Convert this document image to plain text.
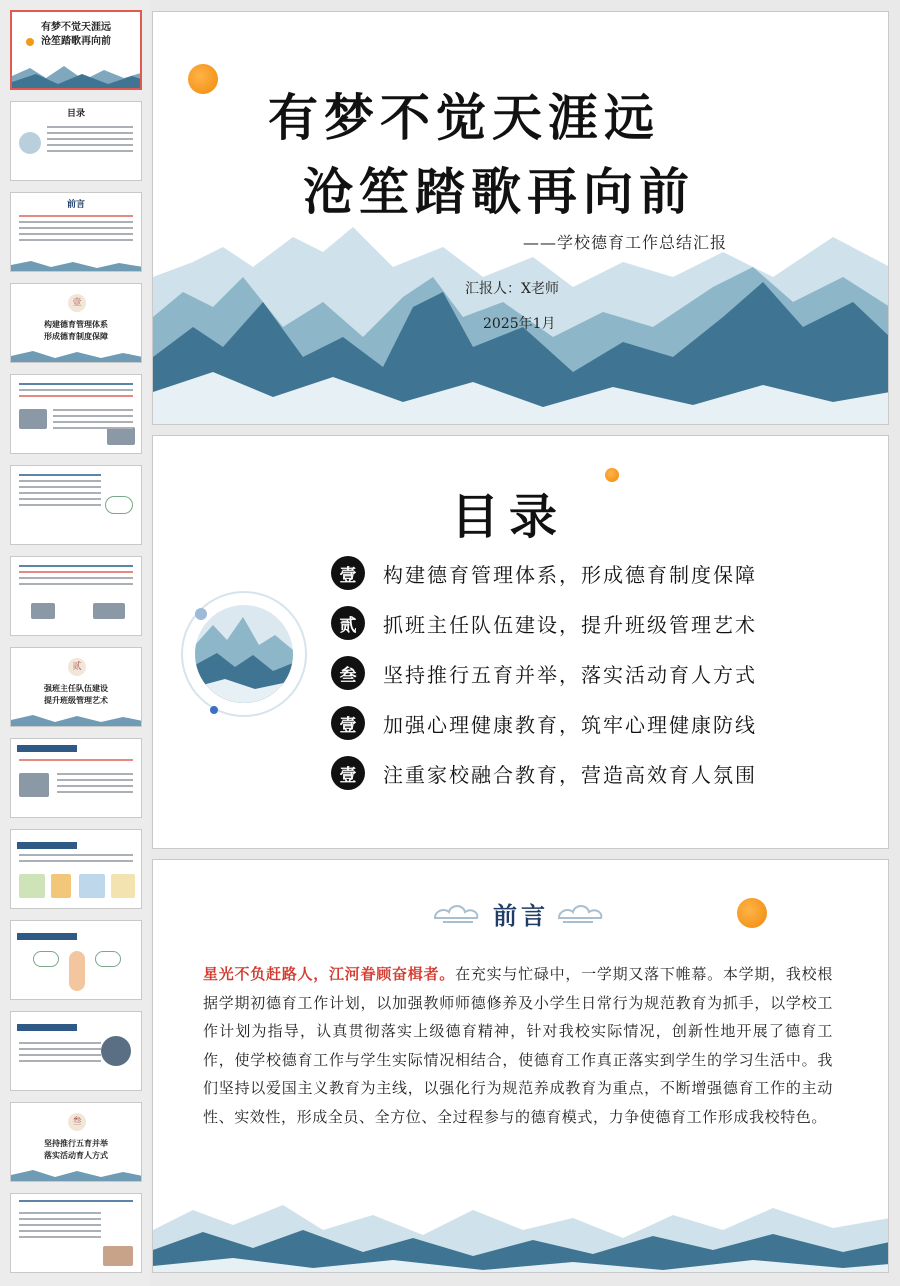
有梦不觉天涯远
沧笙踏歌再向前
目录
前言
壹
构建德育管理体系
形成德育制度保障
贰
强班主任队伍建设
提升班级管理艺术
叁
坚持推行五育并举
落实活动育人方式
有梦不觉天涯远
沧笙踏歌再向前
——学校德育工作总结汇报
汇报人：X老师
2025年1月
目录
壹	构建德育管理体系，形成德育制度保障
贰	抓班主任队伍建设，提升班级管理艺术
叁	坚持推行五育并举，落实活动育人方式
壹	加强心理健康教育，筑牢心理健康防线
壹	注重家校融合教育，营造高效育人氛围
前言
星光不负赶路人，江河眷顾奋楫者。在充实与忙碌中，一学期又落下帷幕。本学期，我校根据学期初德育工作计划，以加强教师师德修养及小学生日常行为规范教育为抓手，以学校工作计划为指导，认真贯彻落实上级德育精神，针对我校实际情况，创新性地开展了德育工作，使学校德育工作与学生实际情况相结合，使德育工作真正落实到学生的学习生活中。我们坚持以爱国主义教育为主线，以强化行为规范养成教育为重点，不断增强德育工作的主动性、实效性，形成全员、全方位、全过程参与的德育模式，力争使德育工作形成我校特色。
